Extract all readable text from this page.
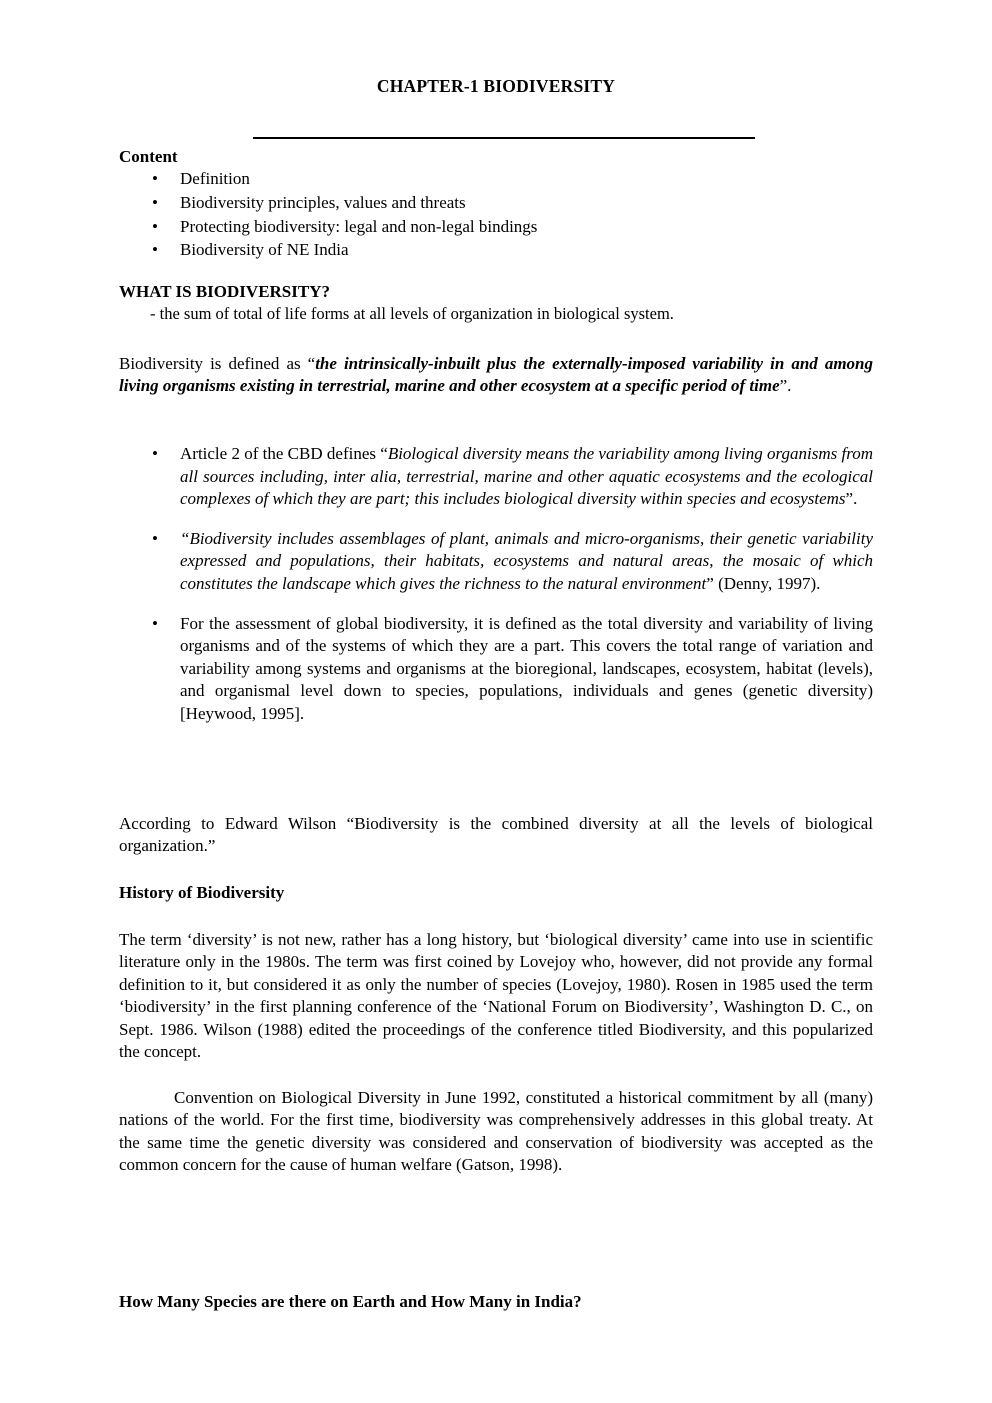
CHAPTER-1 BIODIVERSITY
Content
• Definition
• Biodiversity principles, values and threats
• Protecting biodiversity: legal and non-legal bindings
• Biodiversity of NE India
WHAT IS BIODIVERSITY?
- the sum of total of life forms at all levels of organization in biological system.
Biodiversity is defined as “the intrinsically-inbuilt plus the externally-imposed variability in and among living organisms existing in terrestrial, marine and other ecosystem at a specific period of time”.
• Article 2 of the CBD defines “Biological diversity means the variability among living organisms from all sources including, inter alia, terrestrial, marine and other aquatic ecosystems and the ecological complexes of which they are part; this includes biological diversity within species and ecosystems”.
• “Biodiversity includes assemblages of plant, animals and micro-organisms, their genetic variability expressed and populations, their habitats, ecosystems and natural areas, the mosaic of which constitutes the landscape which gives the richness to the natural environment” (Denny, 1997).
• For the assessment of global biodiversity, it is defined as the total diversity and variability of living organisms and of the systems of which they are a part. This covers the total range of variation and variability among systems and organisms at the bioregional, landscapes, ecosystem, habitat (levels), and organismal level down to species, populations, individuals and genes (genetic diversity) [Heywood, 1995].
According to Edward Wilson “Biodiversity is the combined diversity at all the levels of biological organization.”
History of Biodiversity
The term ‘diversity’ is not new, rather has a long history, but ‘biological diversity’ came into use in scientific literature only in the 1980s. The term was first coined by Lovejoy who, however, did not provide any formal definition to it, but considered it as only the number of species (Lovejoy, 1980). Rosen in 1985 used the term ‘biodiversity’ in the first planning conference of the ‘National Forum on Biodiversity’, Washington D. C., on Sept. 1986. Wilson (1988) edited the proceedings of the conference titled Biodiversity, and this popularized the concept.
Convention on Biological Diversity in June 1992, constituted a historical commitment by all (many) nations of the world. For the first time, biodiversity was comprehensively addresses in this global treaty. At the same time the genetic diversity was considered and conservation of biodiversity was accepted as the common concern for the cause of human welfare (Gatson, 1998).
How Many Species are there on Earth and How Many in India?
